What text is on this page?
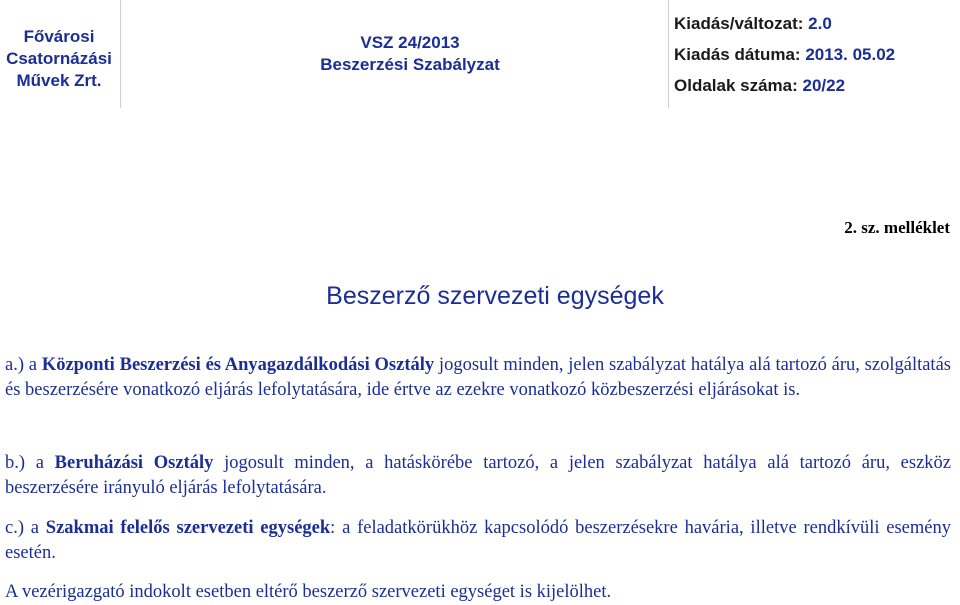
Fővárosi
Csatornázási
Művek Zrt.
VSZ 24/2013
Beszerzési Szabályzat
Kiadás/változat: 2.0
Kiadás dátuma: 2013. 05.02
Oldalak száma: 20/22
2. sz. melléklet
Beszerző szervezeti egységek
a.) a Központi Beszerzési és Anyagazdálkodási Osztály jogosult minden, jelen szabályzat hatálya alá tartozó áru, szolgáltatás és beszerzésére vonatkozó eljárás lefolytatására, ide értve az ezekre vonatkozó közbeszerzési eljárásokat is.
b.) a Beruházási Osztály jogosult minden, a hatáskörébe tartozó, a jelen szabályzat hatálya alá tartozó áru, eszköz beszerzésére irányuló eljárás lefolytatására.
c.) a Szakmai felelős szervezeti egységek: a feladatkörükhöz kapcsolódó beszerzésekre havária, illetve rendkívüli esemény esetén.
A vezérigazgató indokolt esetben eltérő beszerző szervezeti egységet is kijelölhet.
